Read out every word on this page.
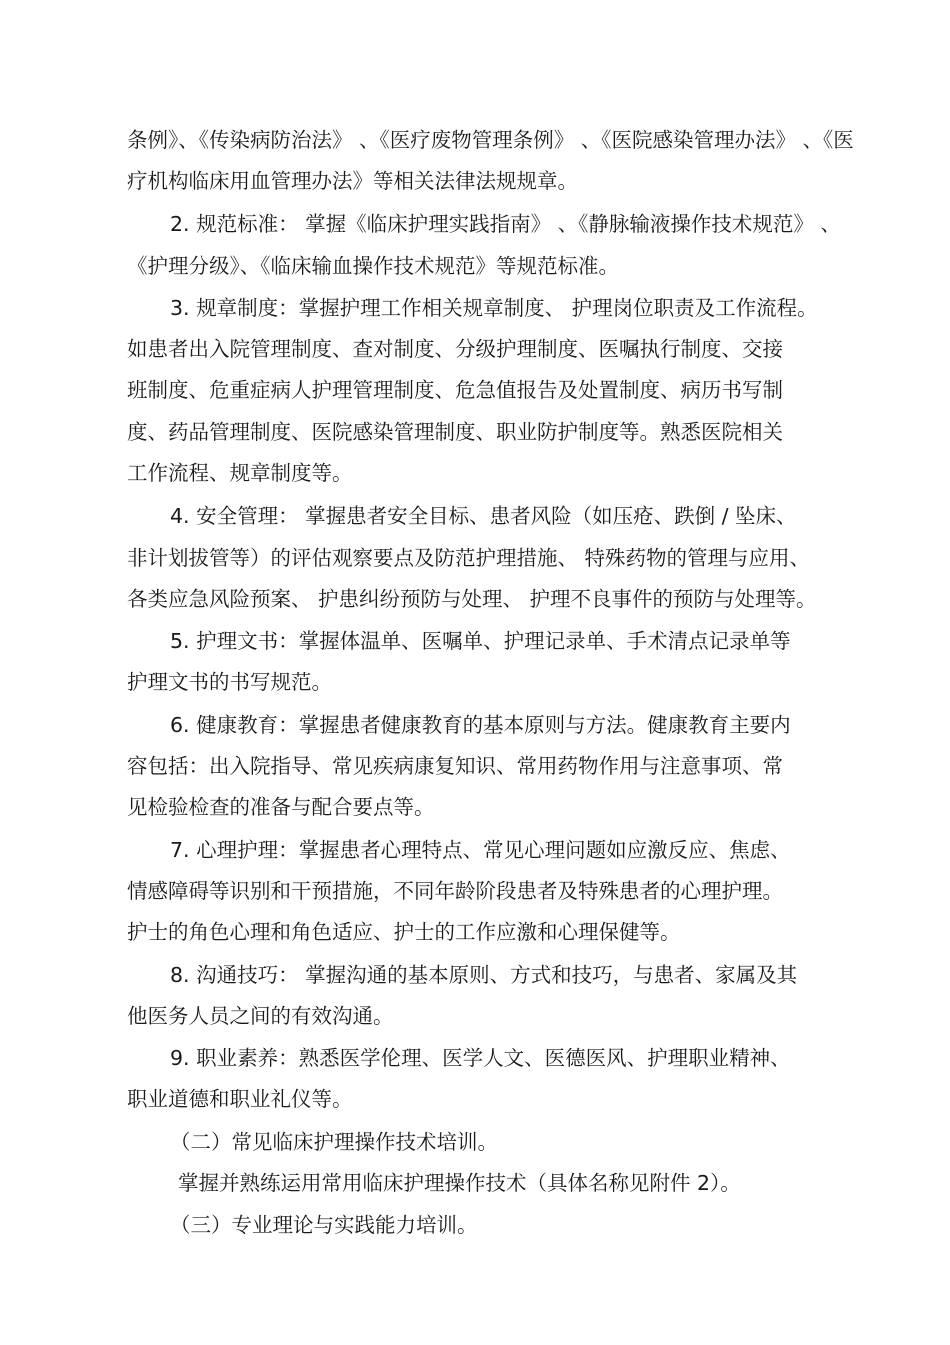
条例》、《传染病防治法》 、《医疗废物管理条例》 、《医院感染管理办法》 、《医
疗机构临床用血管理办法》等相关法律法规规章。
2. 规范标准： 掌握《临床护理实践指南》 、《静脉输液操作技术规范》 、
《护理分级》、《临床输血操作技术规范》等规范标准。
3. 规章制度：掌握护理工作相关规章制度、 护理岗位职责及工作流程。
如患者出入院管理制度、查对制度、分级护理制度、医嘱执行制度、交接
班制度、危重症病人护理管理制度、危急值报告及处置制度、病历书写制
度、药品管理制度、医院感染管理制度、职业防护制度等。熟悉医院相关
工作流程、规章制度等。
4. 安全管理： 掌握患者安全目标、患者风险（如压疮、跌倒 / 坠床、
非计划拔管等）的评估观察要点及防范护理措施、 特殊药物的管理与应用、
各类应急风险预案、 护患纠纷预防与处理、 护理不良事件的预防与处理等。
5. 护理文书：掌握体温单、医嘱单、护理记录单、手术清点记录单等
护理文书的书写规范。
6. 健康教育：掌握患者健康教育的基本原则与方法。健康教育主要内
容包括：出入院指导、常见疾病康复知识、常用药物作用与注意事项、常
见检验检查的准备与配合要点等。
7. 心理护理：掌握患者心理特点、常见心理问题如应激反应、焦虑、
情感障碍等识别和干预措施，不同年龄阶段患者及特殊患者的心理护理。
护士的角色心理和角色适应、护士的工作应激和心理保健等。
8. 沟通技巧： 掌握沟通的基本原则、方式和技巧，与患者、家属及其
他医务人员之间的有效沟通。
9. 职业素养：熟悉医学伦理、医学人文、医德医风、护理职业精神、
职业道德和职业礼仪等。
（二）常见临床护理操作技术培训。
掌握并熟练运用常用临床护理操作技术（具体名称见附件 2）。
（三）专业理论与实践能力培训。
